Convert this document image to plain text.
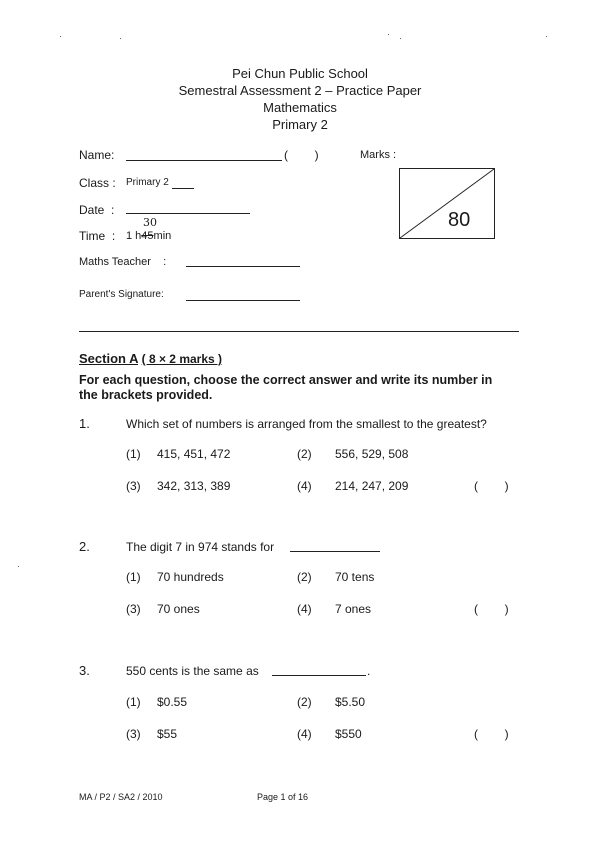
Pei Chun Public School
Semestral Assessment 2 – Practice Paper
Mathematics
Primary 2
Name:	(        )	Marks :
80
Class : Primary 2
Date  :
Time  :
30
1 h45min
Maths Teacher    :
Parent's Signature:
Section A ( 8 × 2 marks )
For each question, choose the correct answer and write its number in
the brackets provided.
1.	Which set of numbers is arranged from the smallest to the greatest?
(1) 415, 451, 472	(2) 556, 529, 508
(3) 342, 313, 389	(4) 214, 247, 209	(        )
2.	The digit 7 in 974 stands for
(1) 70 hundreds	(2) 70 tens
(3) 70 ones	(4) 7 ones	(        )
3.	550 cents is the same as	.
(1) $0.55	(2) $5.50
(3) $55	(4) $550	(        )
MA / P2 / SA2 / 2010	Page 1 of 16
